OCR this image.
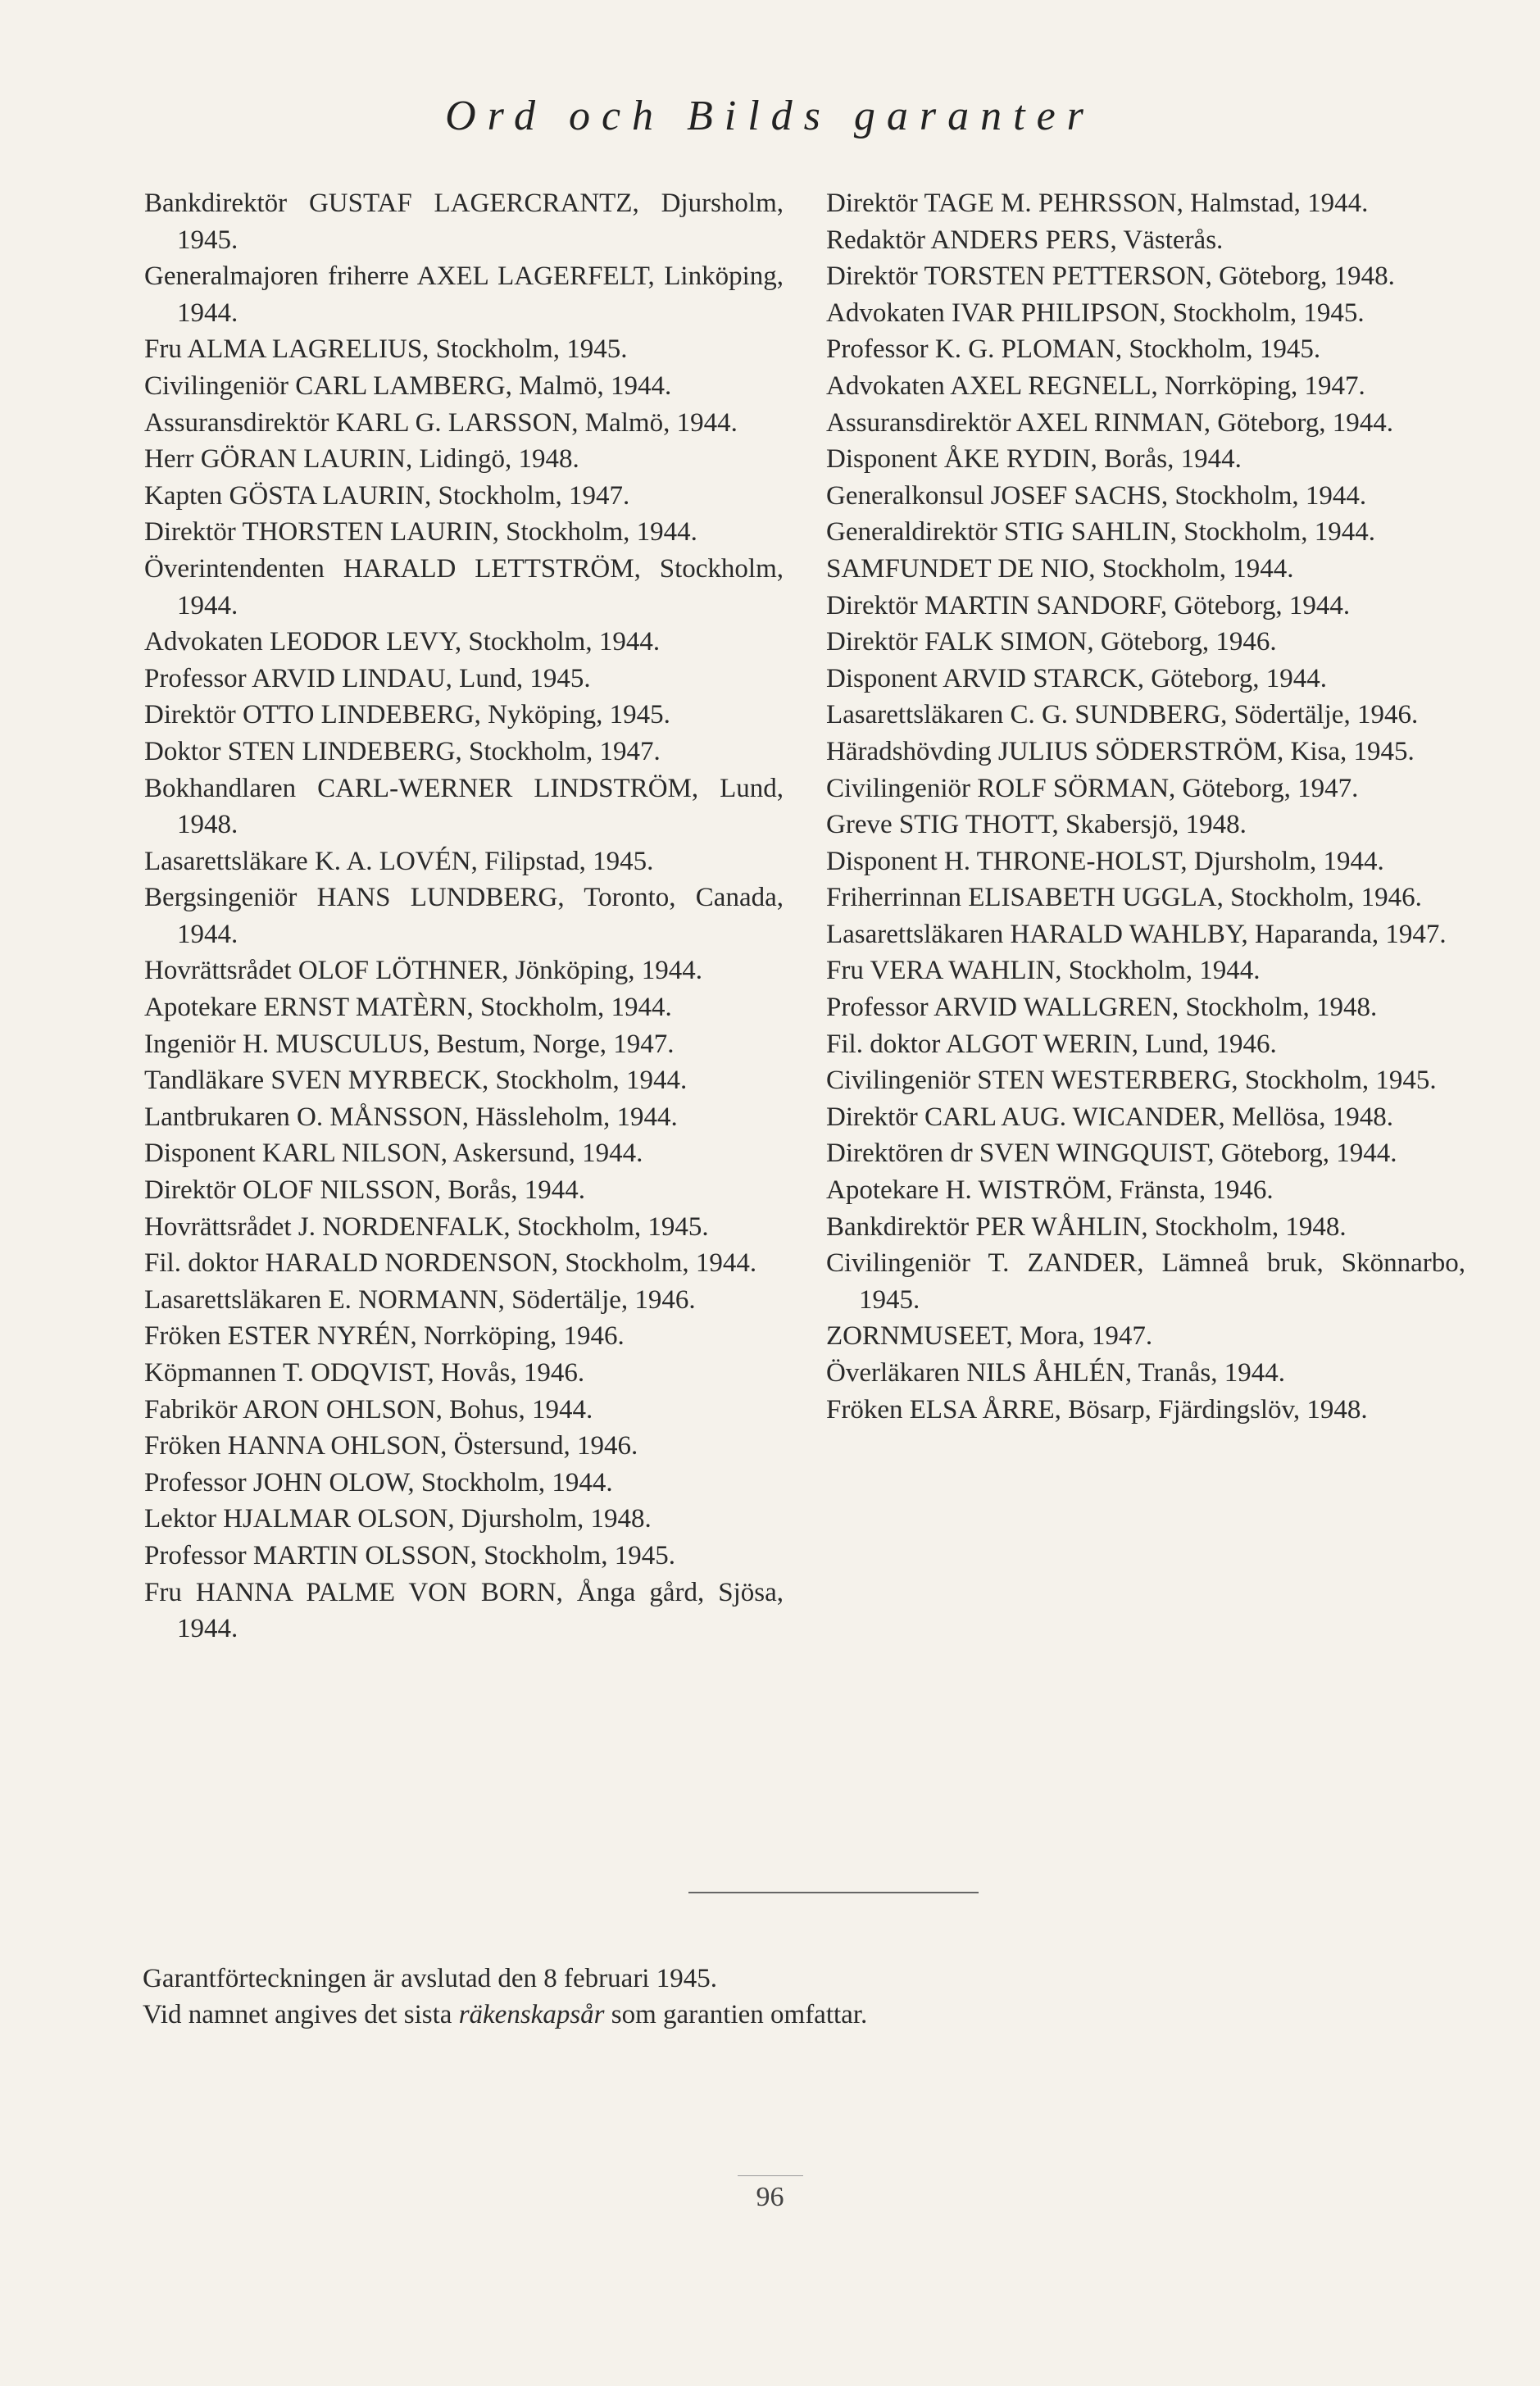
Ord och Bilds garanter
Bankdirektör GUSTAF LAGERCRANTZ, Djursholm, 1945.
Generalmajoren friherre AXEL LAGERFELT, Linköping, 1944.
Fru ALMA LAGRELIUS, Stockholm, 1945.
Civilingeniör CARL LAMBERG, Malmö, 1944.
Assuransdirektör KARL G. LARSSON, Malmö, 1944.
Herr GÖRAN LAURIN, Lidingö, 1948.
Kapten GÖSTA LAURIN, Stockholm, 1947.
Direktör THORSTEN LAURIN, Stockholm, 1944.
Överintendenten HARALD LETTSTRÖM, Stockholm, 1944.
Advokaten LEODOR LEVY, Stockholm, 1944.
Professor ARVID LINDAU, Lund, 1945.
Direktör OTTO LINDEBERG, Nyköping, 1945.
Doktor STEN LINDEBERG, Stockholm, 1947.
Bokhandlaren CARL-WERNER LINDSTRÖM, Lund, 1948.
Lasarettsläkare K. A. LOVÉN, Filipstad, 1945.
Bergsingeniör HANS LUNDBERG, Toronto, Canada, 1944.
Hovrättsrådet OLOF LÖTHNER, Jönköping, 1944.
Apotekare ERNST MATÈRN, Stockholm, 1944.
Ingeniör H. MUSCULUS, Bestum, Norge, 1947.
Tandläkare SVEN MYRBECK, Stockholm, 1944.
Lantbrukaren O. MÅNSSON, Hässleholm, 1944.
Disponent KARL NILSON, Askersund, 1944.
Direktör OLOF NILSSON, Borås, 1944.
Hovrättsrådet J. NORDENFALK, Stockholm, 1945.
Fil. doktor HARALD NORDENSON, Stockholm, 1944.
Lasarettsläkaren E. NORMANN, Södertälje, 1946.
Fröken ESTER NYRÉN, Norrköping, 1946.
Köpmannen T. ODQVIST, Hovås, 1946.
Fabrikör ARON OHLSON, Bohus, 1944.
Fröken HANNA OHLSON, Östersund, 1946.
Professor JOHN OLOW, Stockholm, 1944.
Lektor HJALMAR OLSON, Djursholm, 1948.
Professor MARTIN OLSSON, Stockholm, 1945.
Fru HANNA PALME VON BORN, Ånga gård, Sjösa, 1944.
Direktör TAGE M. PEHRSSON, Halmstad, 1944.
Redaktör ANDERS PERS, Västerås.
Direktör TORSTEN PETTERSON, Göteborg, 1948.
Advokaten IVAR PHILIPSON, Stockholm, 1945.
Professor K. G. PLOMAN, Stockholm, 1945.
Advokaten AXEL REGNELL, Norrköping, 1947.
Assuransdirektör AXEL RINMAN, Göteborg, 1944.
Disponent ÅKE RYDIN, Borås, 1944.
Generalkonsul JOSEF SACHS, Stockholm, 1944.
Generaldirektör STIG SAHLIN, Stockholm, 1944.
SAMFUNDET DE NIO, Stockholm, 1944.
Direktör MARTIN SANDORF, Göteborg, 1944.
Direktör FALK SIMON, Göteborg, 1946.
Disponent ARVID STARCK, Göteborg, 1944.
Lasarettsläkaren C. G. SUNDBERG, Södertälje, 1946.
Häradshövding JULIUS SÖDERSTRÖM, Kisa, 1945.
Civilingeniör ROLF SÖRMAN, Göteborg, 1947.
Greve STIG THOTT, Skabersjö, 1948.
Disponent H. THRONE-HOLST, Djursholm, 1944.
Friherrinnan ELISABETH UGGLA, Stockholm, 1946.
Lasarettsläkaren HARALD WAHLBY, Haparanda, 1947.
Fru VERA WAHLIN, Stockholm, 1944.
Professor ARVID WALLGREN, Stockholm, 1948.
Fil. doktor ALGOT WERIN, Lund, 1946.
Civilingeniör STEN WESTERBERG, Stockholm, 1945.
Direktör CARL AUG. WICANDER, Mellösa, 1948.
Direktören dr SVEN WINGQUIST, Göteborg, 1944.
Apotekare H. WISTRÖM, Fränsta, 1946.
Bankdirektör PER WÅHLIN, Stockholm, 1948.
Civilingeniör T. ZANDER, Lämneå bruk, Skönnarbo, 1945.
ZORNMUSEET, Mora, 1947.
Överläkaren NILS ÅHLÉN, Tranås, 1944.
Fröken ELSA ÅRRE, Bösarp, Fjärdingslöv, 1948.
Garantförteckningen är avslutad den 8 februari 1945.
Vid namnet angives det sista räkenskapsår som garantien omfattar.
96
